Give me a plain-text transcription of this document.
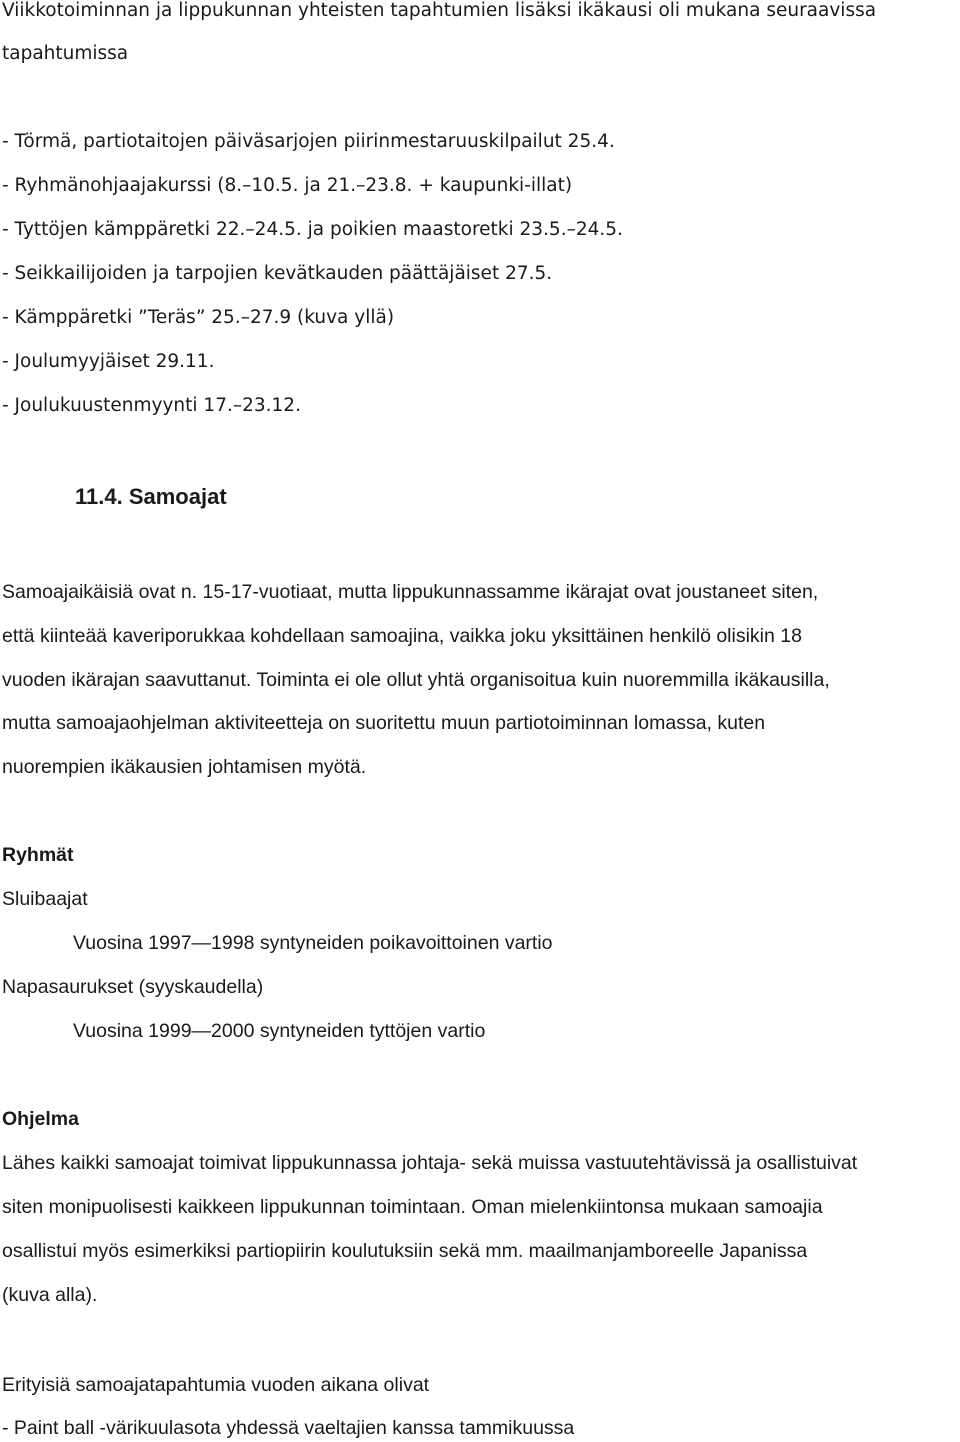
Viikkotoiminnan ja lippukunnan yhteisten tapahtumien lisäksi ikäkausi oli mukana seuraavissa
tapahtumissa
- Törmä, partiotaitojen päiväsarjojen piirinmestaruuskilpailut 25.4.
- Ryhmänohjaajakurssi (8.–10.5. ja 21.–23.8. + kaupunki-illat)
- Tyttöjen kämppäretki 22.–24.5. ja poikien maastoretki 23.5.–24.5.
- Seikkailijoiden ja tarpojien kevätkauden päättäjäiset 27.5.
- Kämppäretki ”Teräs” 25.–27.9 (kuva yllä)
- Joulumyyjäiset 29.11.
- Joulukuustenmyynti 17.–23.12.
11.4. Samoajat
Samoajaikäisiä ovat n. 15-17-vuotiaat, mutta lippukunnassamme ikärajat ovat joustaneet siten,
että kiinteää kaveriporukkaa kohdellaan samoajina, vaikka joku yksittäinen henkilö olisikin 18
vuoden ikärajan saavuttanut. Toiminta ei ole ollut yhtä organisoitua kuin nuoremmilla ikäkausilla,
mutta samoajaohjelman aktiviteetteja on suoritettu muun partiotoiminnan lomassa, kuten
nuorempien ikäkausien johtamisen myötä.
Ryhmät
Sluibaajat
Vuosina 1997—1998 syntyneiden poikavoittoinen vartio
Napasaurukset (syyskaudella)
Vuosina 1999—2000 syntyneiden tyttöjen vartio
Ohjelma
Lähes kaikki samoajat toimivat lippukunnassa johtaja- sekä muissa vastuutehtävissä ja osallistuivat
siten monipuolisesti kaikkeen lippukunnan toimintaan. Oman mielenkiintonsa mukaan samoajia
osallistui myös esimerkiksi partiopiirin koulutuksiin sekä mm. maailmanjamboreelle Japanissa
(kuva alla).
Erityisiä samoajatapahtumia vuoden aikana olivat
- Paint ball -värikuulasota yhdessä vaeltajien kanssa tammikuussa
